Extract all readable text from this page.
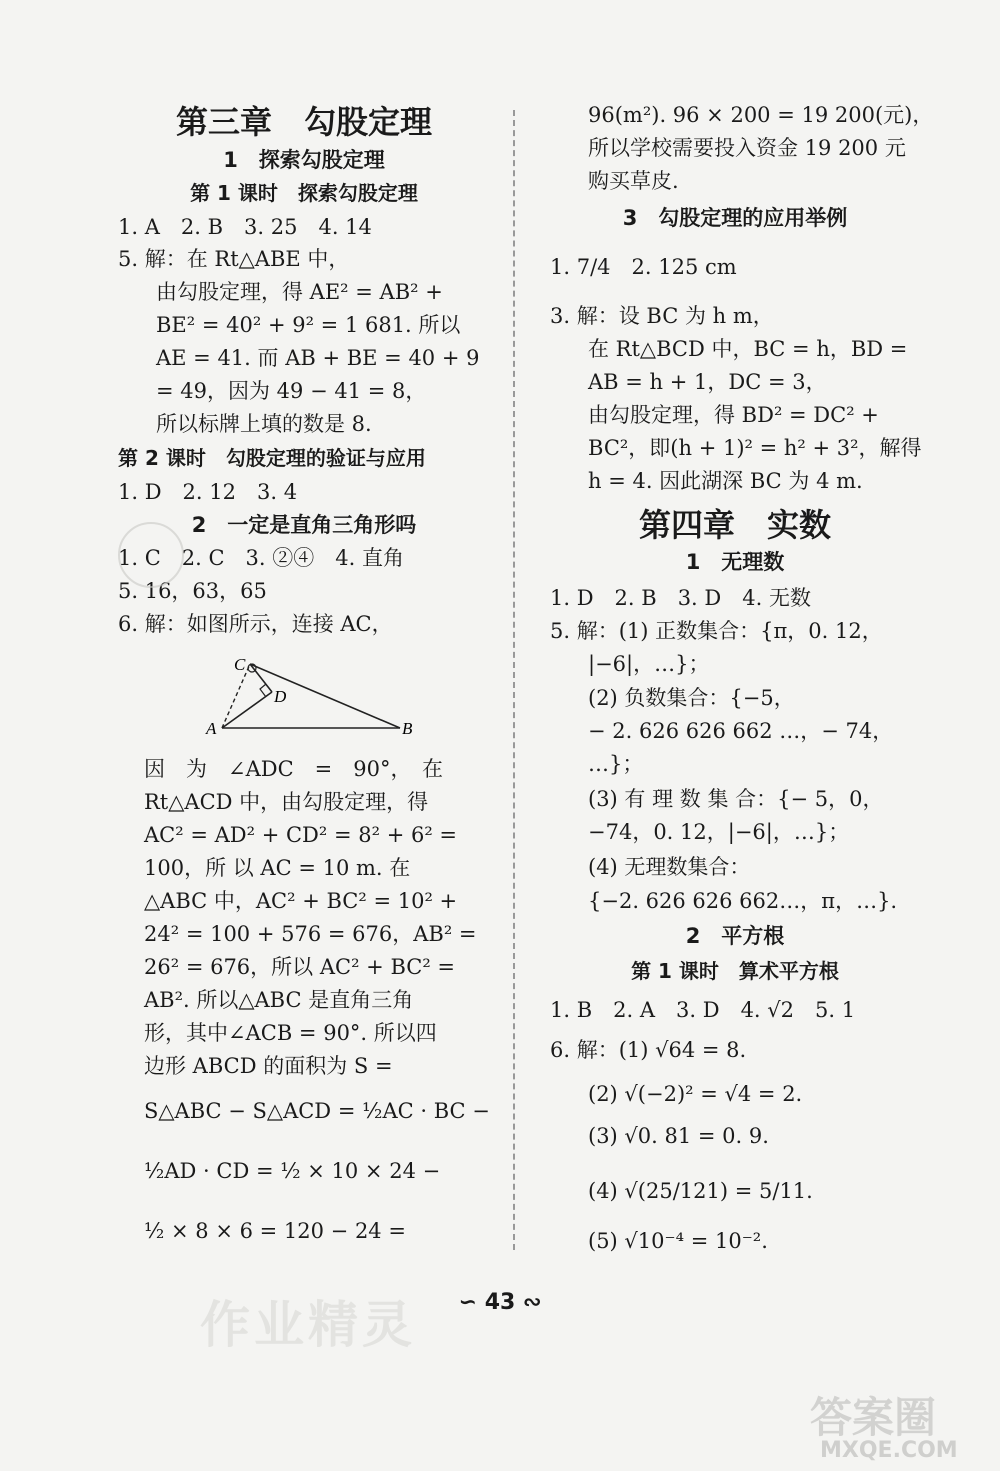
第三章　勾股定理
1　探索勾股定理
第 1 课时　探索勾股定理
1. A　2. B　3. 25　4. 14
5. 解：在 Rt△ABE 中，
由勾股定理，得 AE² = AB² +
BE² = 40² + 9² = 1 681. 所以
AE = 41. 而 AB + BE = 40 + 9
= 49，因为 49 − 41 = 8，
所以标牌上填的数是 8.
第 2 课时　勾股定理的验证与应用
1. D　2. 12　3. 4
2　一定是直角三角形吗
1. C　2. C　3. ②④　4. 直角
5. 16，63，65
6. 解：如图所示，连接 AC，
因　为　∠ADC　=　90°，　在
Rt△ACD 中，由勾股定理，得
AC² = AD² + CD² = 8² + 6² =
100，所 以 AC = 10 m. 在
△ABC 中，AC² + BC² = 10² +
24² = 100 + 576 = 676，AB² =
26² = 676，所以 AC² + BC² =
AB². 所以△ABC 是直角三角
形，其中∠ACB = 90°. 所以四
边形 ABCD 的面积为 S =
S△ABC − S△ACD = ½AC · BC −
½AD · CD = ½ × 10 × 24 −
½ × 8 × 6 = 120 − 24 =
C
D
A	B
96(m²). 96 × 200 = 19 200(元)，
所以学校需要投入资金 19 200 元
购买草皮.
3　勾股定理的应用举例
1. 7/4　2. 125 cm
3. 解：设 BC 为 h m，
在 Rt△BCD 中，BC = h，BD =
AB = h + 1，DC = 3，
由勾股定理，得 BD² = DC² +
BC²，即(h + 1)² = h² + 3²，解得
h = 4. 因此湖深 BC 为 4 m.
第四章　实数
1　无理数
1. D　2. B　3. D　4. 无数
5. 解：(1) 正数集合：{π，0. 12，
|−6|，…}；
(2) 负数集合：{−5，
− 2. 626 626 662 …，− 74，
…}；
(3) 有 理 数 集 合：{− 5，0，
−74，0. 12，|−6|，…}；
(4) 无理数集合：
{−2. 626 626 662…，π，…}.
2　平方根
第 1 课时　算术平方根
1. B　2. A　3. D　4. √2　5. 1
6. 解：(1) √64 = 8.
(2) √(−2)² = √4 = 2.
(3) √0. 81 = 0. 9.
(4) √(25/121) = 5/11.
(5) √10⁻⁴ = 10⁻².
∽ 43 ∾
作业精灵
答案圈
MXQE.COM
